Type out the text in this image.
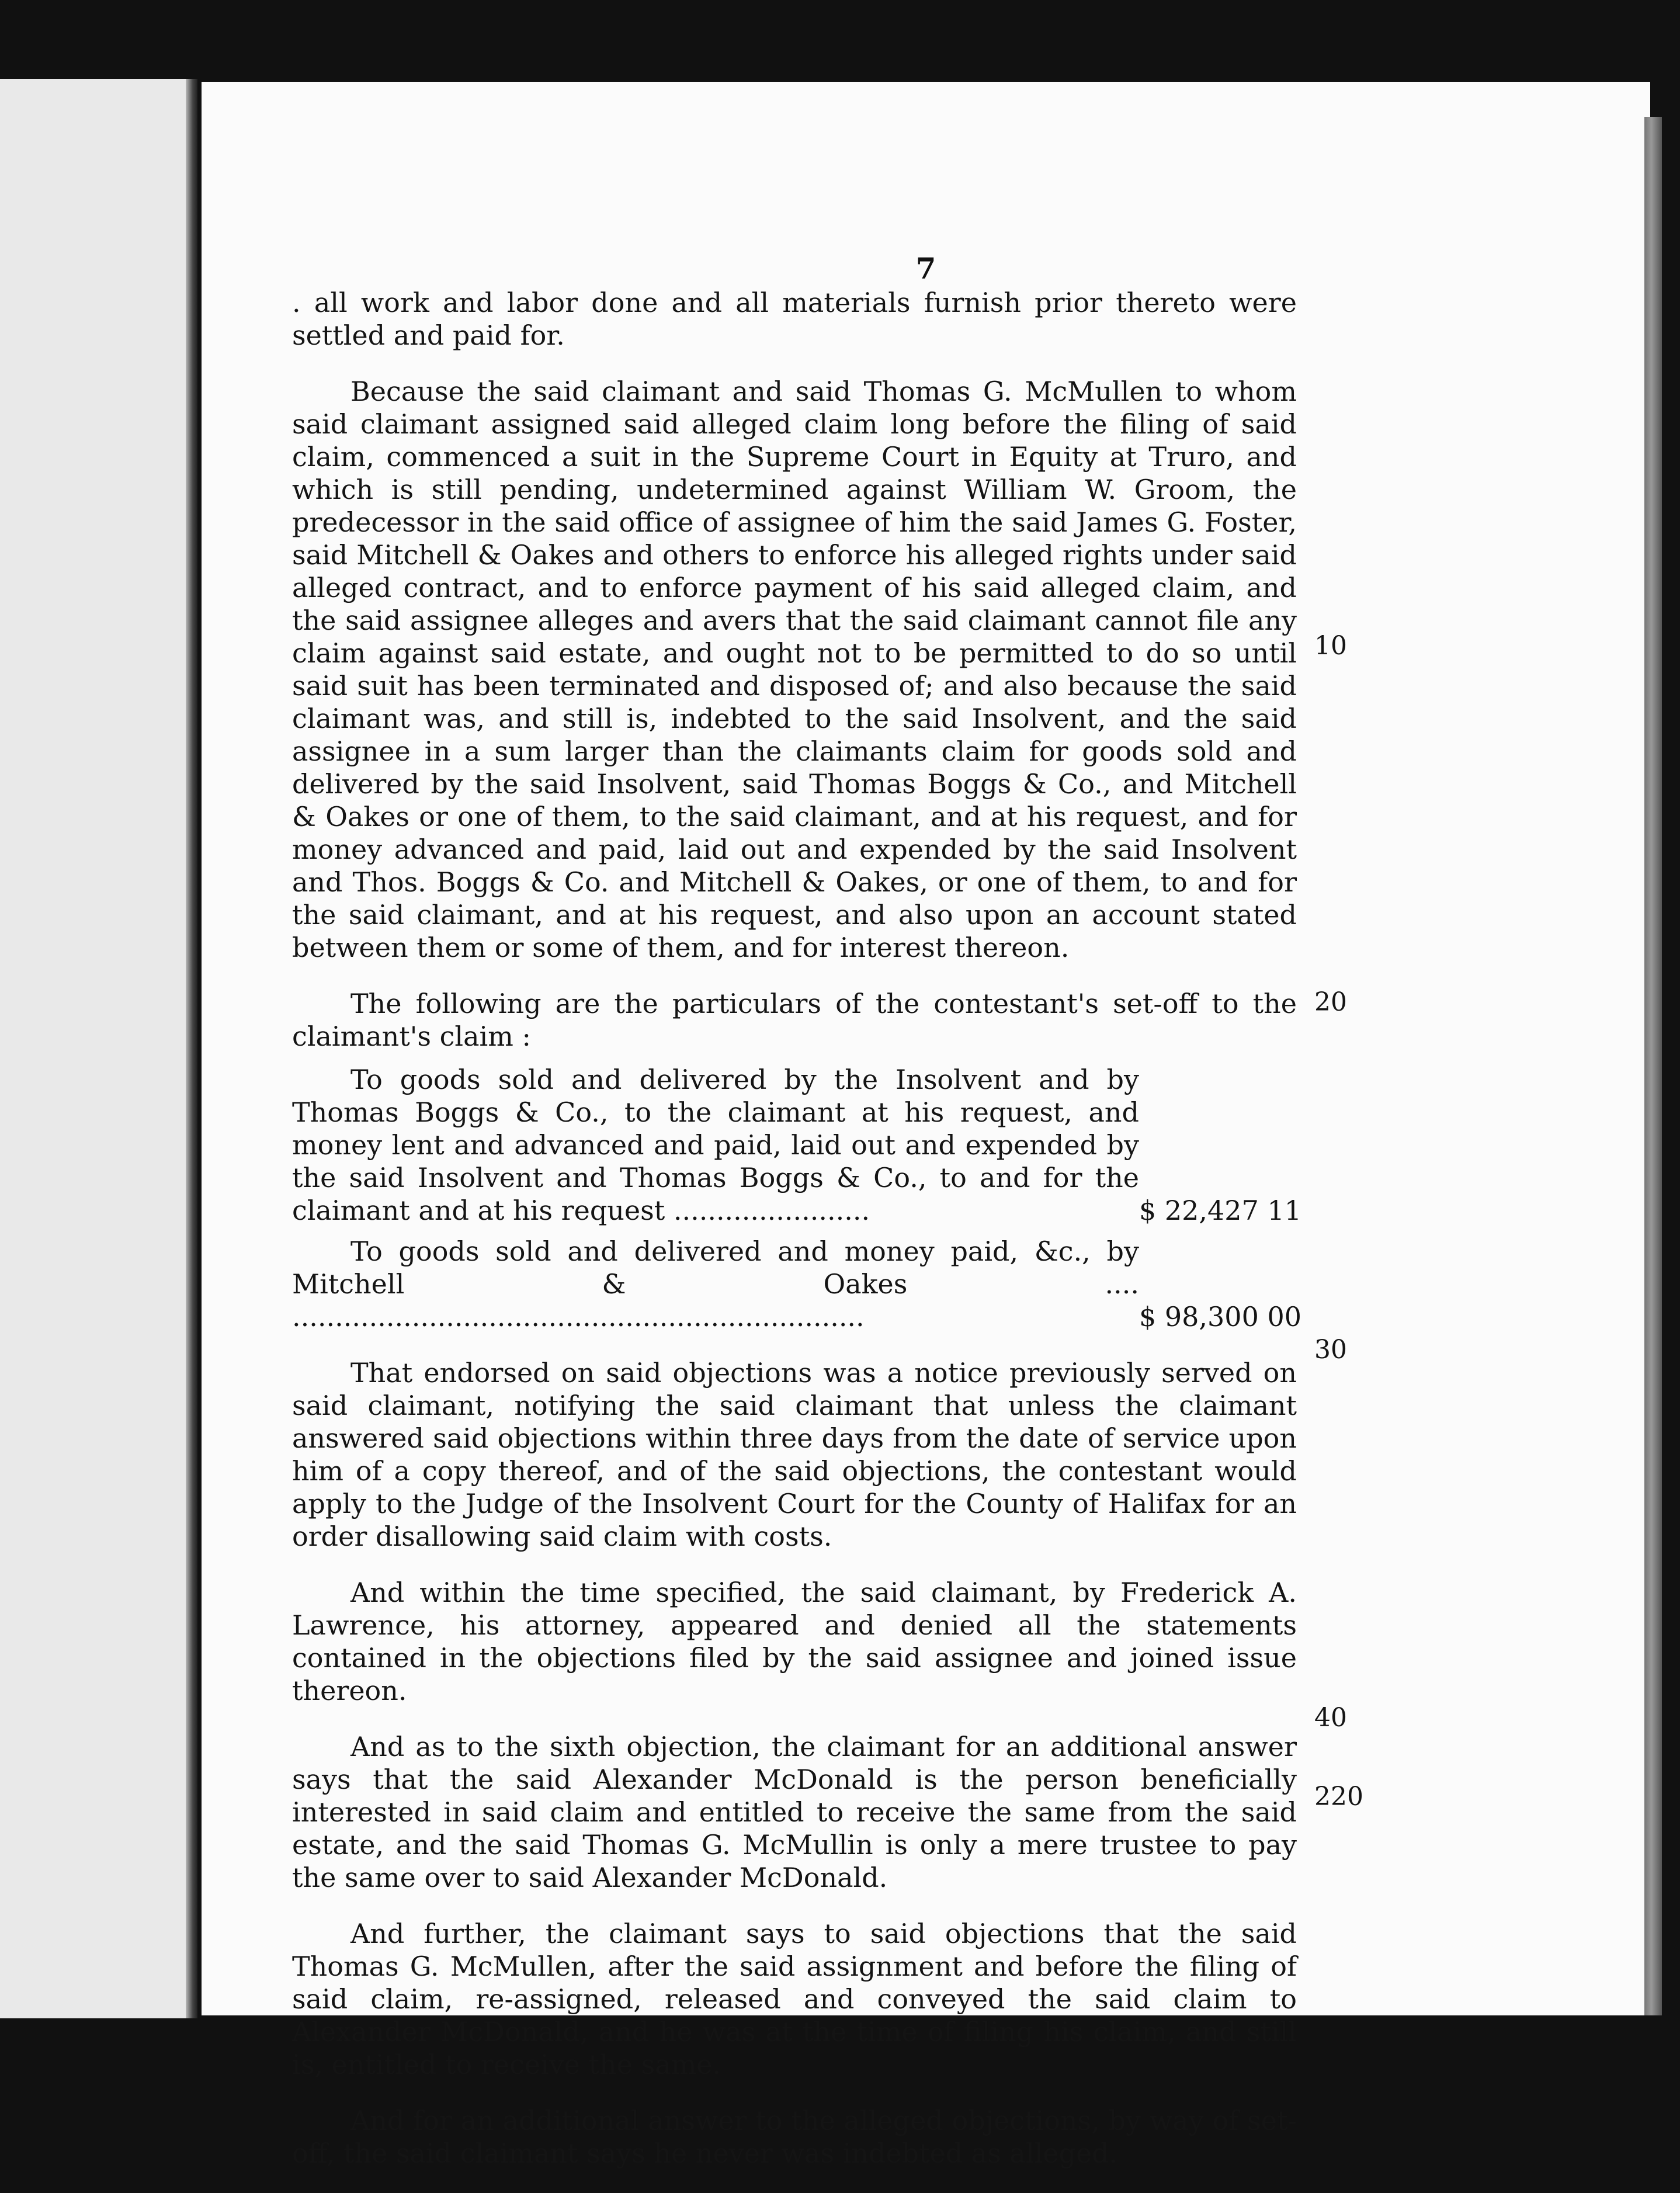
7

. all work and labor done and all materials furnish prior thereto were settled and paid for.

Because the said claimant and said Thomas G. McMullen to whom said claimant assigned said alleged claim long before the filing of said claim, commenced a suit in the Supreme Court in Equity at Truro, and which is still pending, undetermined against William W. Groom, the predecessor in the said office of assignee of him the said James G. Foster, said Mitchell & Oakes and others to enforce his alleged rights under said alleged contract, and to enforce payment of his said alleged claim, and the said assignee alleges and avers that the said claimant cannot file any claim against said estate, and ought not to be permitted to do so until said suit has been terminated and disposed of; and also because the said claimant was, and still is, indebted to the said Insolvent, and the said assignee in a sum larger than the claimants claim for goods sold and delivered by the said Insolvent, said Thomas Boggs & Co., and Mitchell & Oakes or one of them, to the said claimant, and at his request, and for money advanced and paid, laid out and expended by the said Insolvent and Thos. Boggs & Co. and Mitchell & Oakes, or one of them, to and for the said claimant, and at his request, and also upon an account stated between them or some of them, and for interest thereon.

The following are the particulars of the contestant's set-off to the claimant's claim :

To goods sold and delivered by the Insolvent and by Thomas Boggs & Co., to the claimant at his request, and money lent and advanced and paid, laid out and expended by the said Insolvent and Thomas Boggs & Co., to and for the claimant and at his request .......................	$ 22,427 11
To goods sold and delivered and money paid, &c., by Mitchell & Oakes .... ...................................................................	$ 98,300 00

That endorsed on said objections was a notice previously served on said claimant, notifying the said claimant that unless the claimant answered said objections within three days from the date of service upon him of a copy thereof, and of the said objections, the contestant would apply to the Judge of the Insolvent Court for the County of Halifax for an order disallowing said claim with costs.

And within the time specified, the said claimant, by Frederick A. Lawrence, his attorney, appeared and denied all the statements contained in the objections filed by the said assignee and joined issue thereon.

And as to the sixth objection, the claimant for an additional answer says that the said Alexander McDonald is the person beneficially interested in said claim and entitled to receive the same from the said estate, and the said Thomas G. McMullin is only a mere trustee to pay the same over to said Alexander McDonald.

And further, the claimant says to said objections that the said Thomas G. McMullen, after the said assignment and before the filing of said claim, re-assigned, released and conveyed the said claim to Alexander McDonald, and he was at the time of filing his claim, and still is, entitled to receive the same.

And for an additional answer to the alleged objections, by way of set-off, the said claimant says he never was indebted as alleged.

10
20
30
40
220
